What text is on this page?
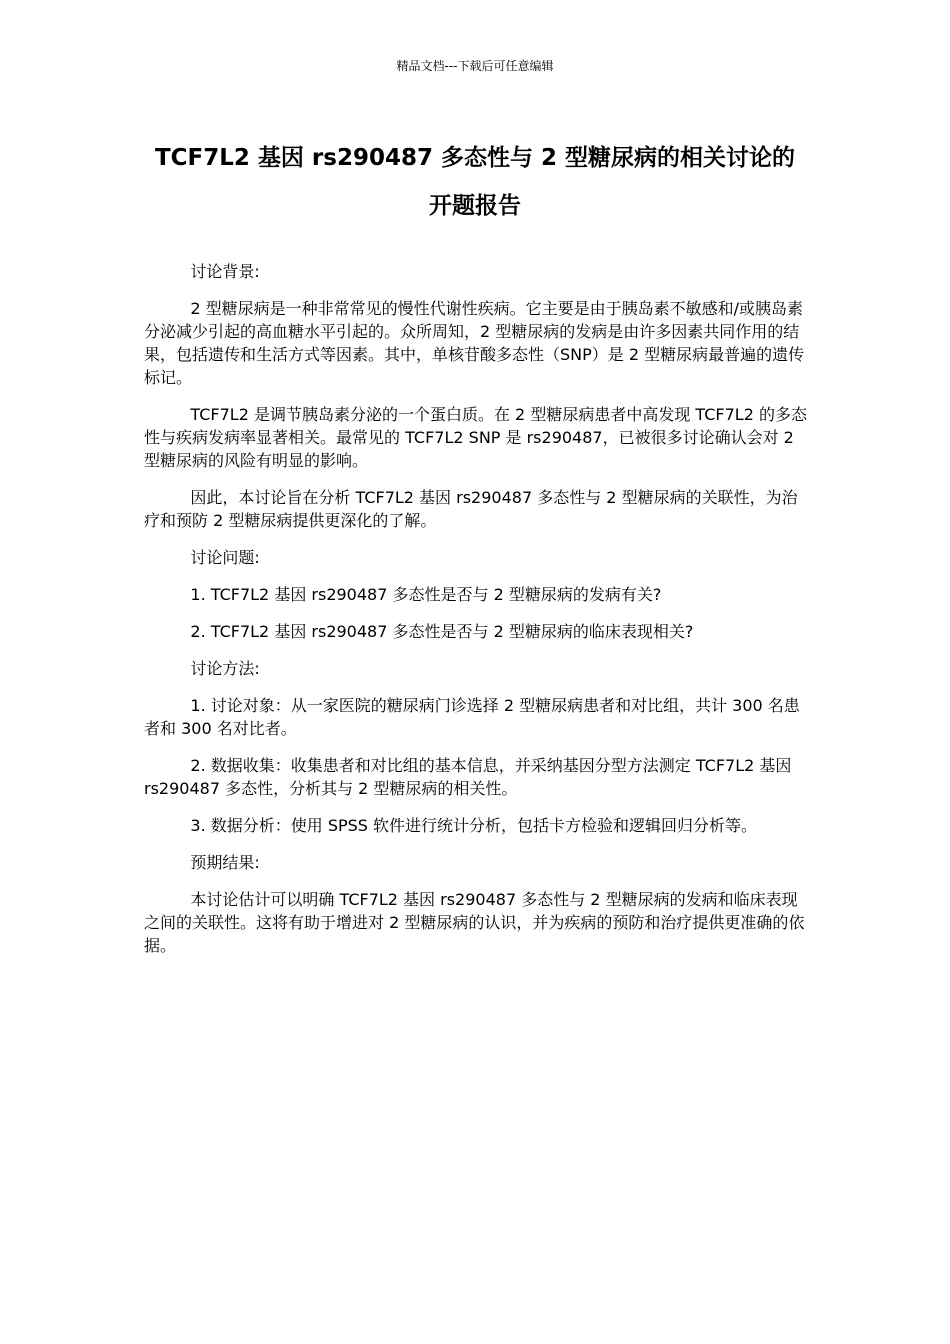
精品文档---下载后可任意编辑
TCF7L2 基因 rs290487 多态性与 2 型糖尿病的相关讨论的
开题报告

讨论背景:

2 型糖尿病是一种非常常见的慢性代谢性疾病。它主要是由于胰岛素不敏感和/或胰岛素分泌减少引起的高血糖水平引起的。众所周知，2 型糖尿病的发病是由许多因素共同作用的结果，包括遗传和生活方式等因素。其中，单核苷酸多态性（SNP）是 2 型糖尿病最普遍的遗传标记。

TCF7L2 是调节胰岛素分泌的一个蛋白质。在 2 型糖尿病患者中高发现 TCF7L2 的多态性与疾病发病率显著相关。最常见的 TCF7L2 SNP 是 rs290487，已被很多讨论确认会对 2 型糖尿病的风险有明显的影响。

因此，本讨论旨在分析 TCF7L2 基因 rs290487 多态性与 2 型糖尿病的关联性，为治疗和预防 2 型糖尿病提供更深化的了解。

讨论问题:

1. TCF7L2 基因 rs290487 多态性是否与 2 型糖尿病的发病有关?

2. TCF7L2 基因 rs290487 多态性是否与 2 型糖尿病的临床表现相关?

讨论方法:

1. 讨论对象：从一家医院的糖尿病门诊选择 2 型糖尿病患者和对比组，共计 300 名患者和 300 名对比者。

2. 数据收集：收集患者和对比组的基本信息，并采纳基因分型方法测定 TCF7L2 基因 rs290487 多态性，分析其与 2 型糖尿病的相关性。

3. 数据分析：使用 SPSS 软件进行统计分析，包括卡方检验和逻辑回归分析等。

预期结果:

本讨论估计可以明确 TCF7L2 基因 rs290487 多态性与 2 型糖尿病的发病和临床表现之间的关联性。这将有助于增进对 2 型糖尿病的认识，并为疾病的预防和治疗提供更准确的依据。
